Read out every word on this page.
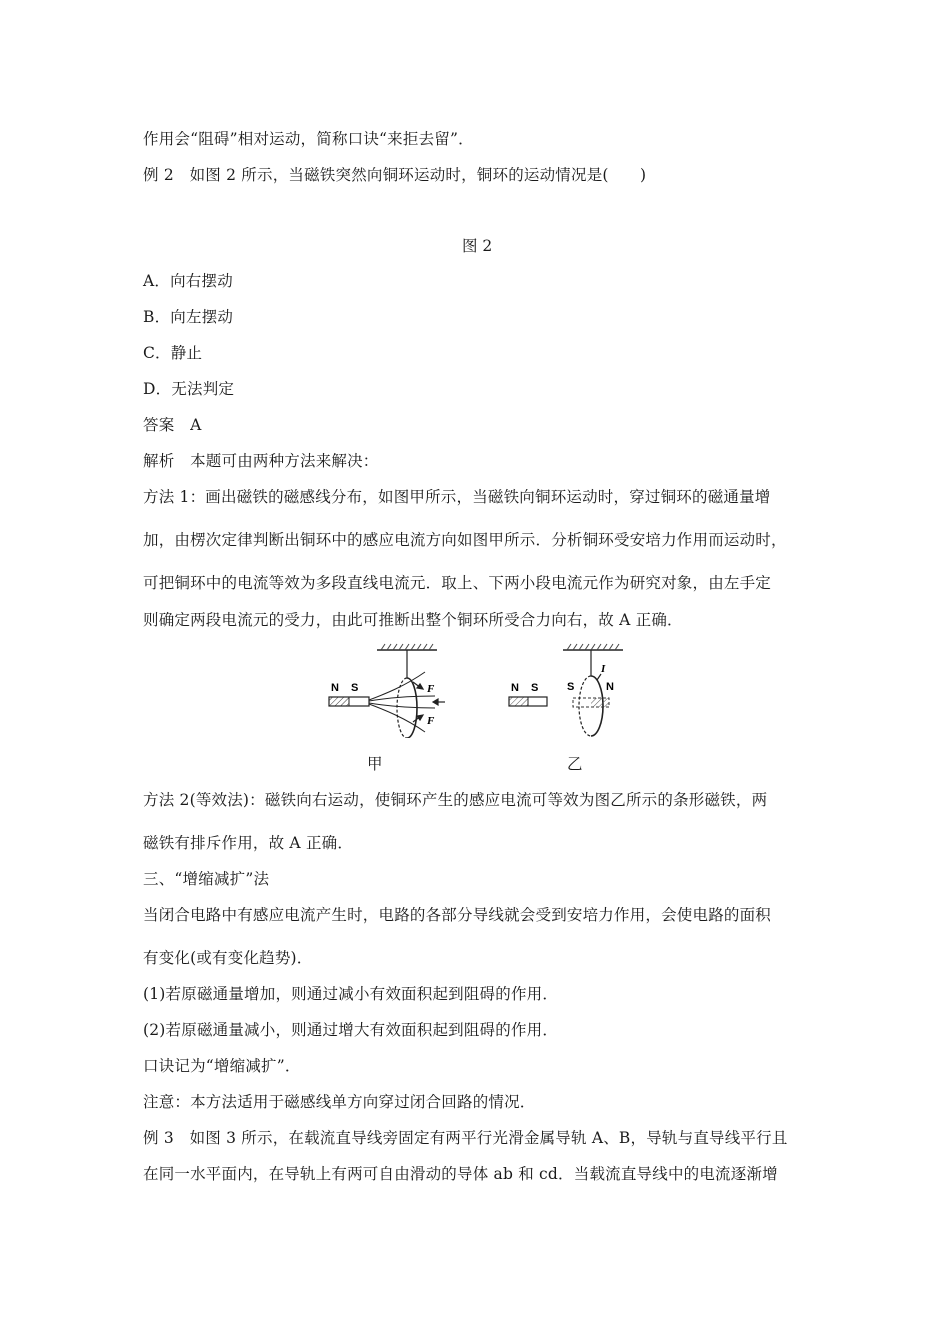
作用会“阻碍”相对运动，简称口诀“来拒去留”．
例 2　如图 2 所示，当磁铁突然向铜环运动时，铜环的运动情况是(　　)
图 2
A．向右摆动
B．向左摆动
C．静止
D．无法判定
答案　A
解析　本题可由两种方法来解决：
方法 1：画出磁铁的磁感线分布，如图甲所示，当磁铁向铜环运动时，穿过铜环的磁通量增
加，由楞次定律判断出铜环中的感应电流方向如图甲所示．分析铜环受安培力作用而运动时，
可把铜环中的电流等效为多段直线电流元．取上、下两小段电流元作为研究对象，由左手定
则确定两段电流元的受力，由此可推断出整个铜环所受合力向右，故 A 正确．
N S	F
F
甲
N S	S	N
I
乙
方法 2(等效法)：磁铁向右运动，使铜环产生的感应电流可等效为图乙所示的条形磁铁，两
磁铁有排斥作用，故 A 正确．
三、“增缩减扩”法
当闭合电路中有感应电流产生时，电路的各部分导线就会受到安培力作用，会使电路的面积
有变化(或有变化趋势)．
(1)若原磁通量增加，则通过减小有效面积起到阻碍的作用．
(2)若原磁通量减小，则通过增大有效面积起到阻碍的作用．
口诀记为“增缩减扩”．
注意：本方法适用于磁感线单方向穿过闭合回路的情况．
例 3　如图 3 所示，在载流直导线旁固定有两平行光滑金属导轨 A、B，导轨与直导线平行且
在同一水平面内，在导轨上有两可自由滑动的导体 ab 和 cd．当载流直导线中的电流逐渐增
